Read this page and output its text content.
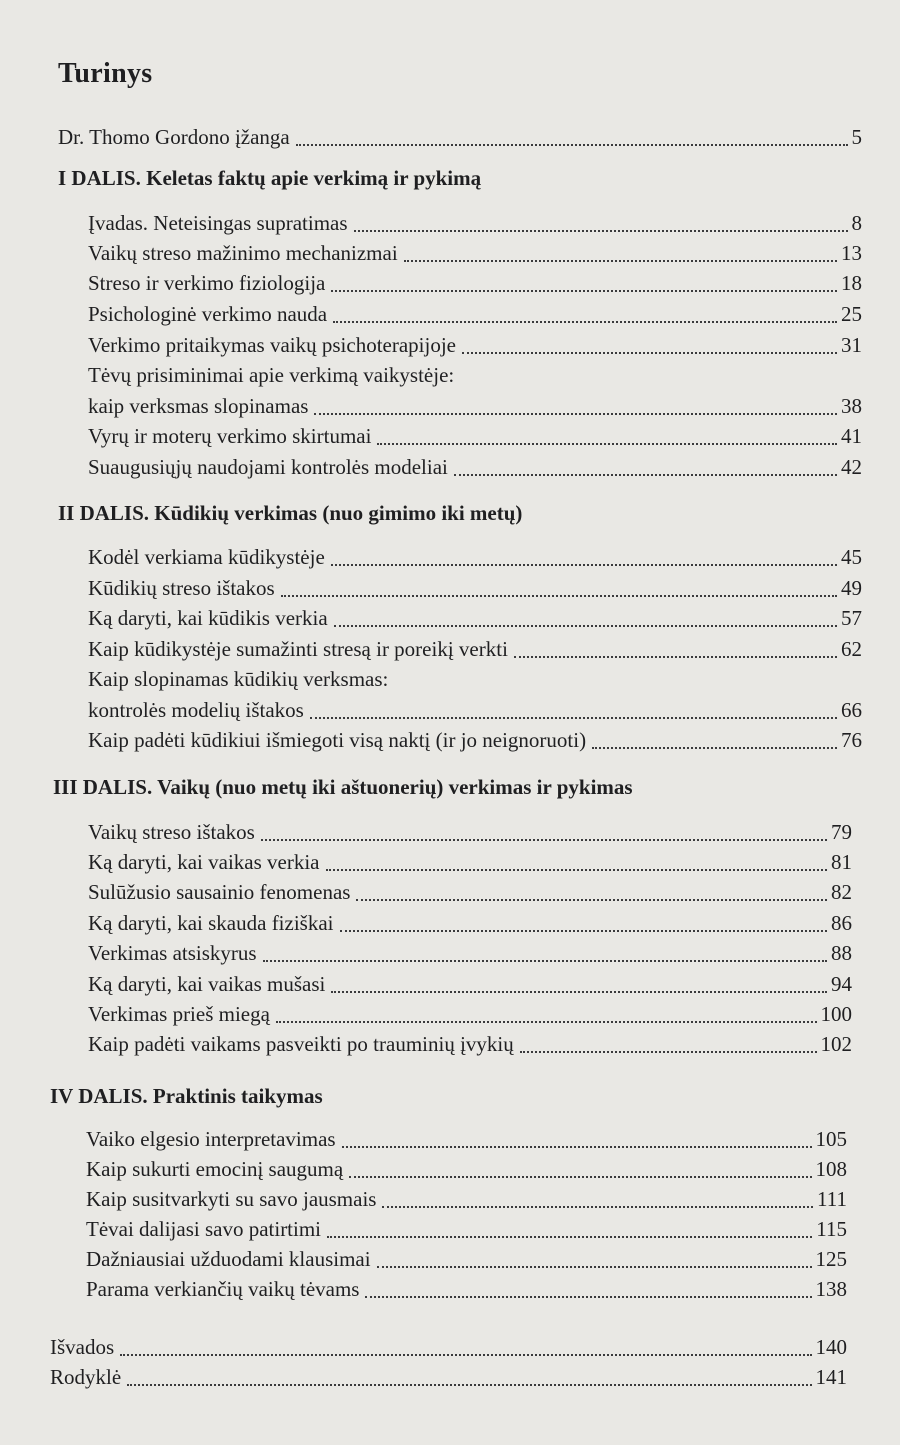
Turinys
Dr. Thomo Gordono įžanga	5
I DALIS. Keletas faktų apie verkimą ir pykimą
Įvadas. Neteisingas supratimas	8
Vaikų streso mažinimo mechanizmai	13
Streso ir verkimo fiziologija	18
Psichologinė verkimo nauda	25
Verkimo pritaikymas vaikų psichoterapijoje	31
Tėvų prisiminimai apie verkimą vaikystėje:
kaip verksmas slopinamas	38
Vyrų ir moterų verkimo skirtumai	41
Suaugusiųjų naudojami kontrolės modeliai	42
II DALIS. Kūdikių verkimas (nuo gimimo iki metų)
Kodėl verkiama kūdikystėje	45
Kūdikių streso ištakos	49
Ką daryti, kai kūdikis verkia	57
Kaip kūdikystėje sumažinti stresą ir poreikį verkti	62
Kaip slopinamas kūdikių verksmas:
kontrolės modelių ištakos	66
Kaip padėti kūdikiui išmiegoti visą naktį (ir jo neignoruoti)	76
III DALIS. Vaikų (nuo metų iki aštuonerių) verkimas ir pykimas
Vaikų streso ištakos	79
Ką daryti, kai vaikas verkia	81
Sulūžusio sausainio fenomenas	82
Ką daryti, kai skauda fiziškai	86
Verkimas atsiskyrus	88
Ką daryti, kai vaikas mušasi	94
Verkimas prieš miegą	100
Kaip padėti vaikams pasveikti po trauminių įvykių	102
IV DALIS. Praktinis taikymas
Vaiko elgesio interpretavimas	105
Kaip sukurti emocinį saugumą	108
Kaip susitvarkyti su savo jausmais	111
Tėvai dalijasi savo patirtimi	115
Dažniausiai užduodami klausimai	125
Parama verkiančių vaikų tėvams	138
Išvados	140
Rodyklė	141
